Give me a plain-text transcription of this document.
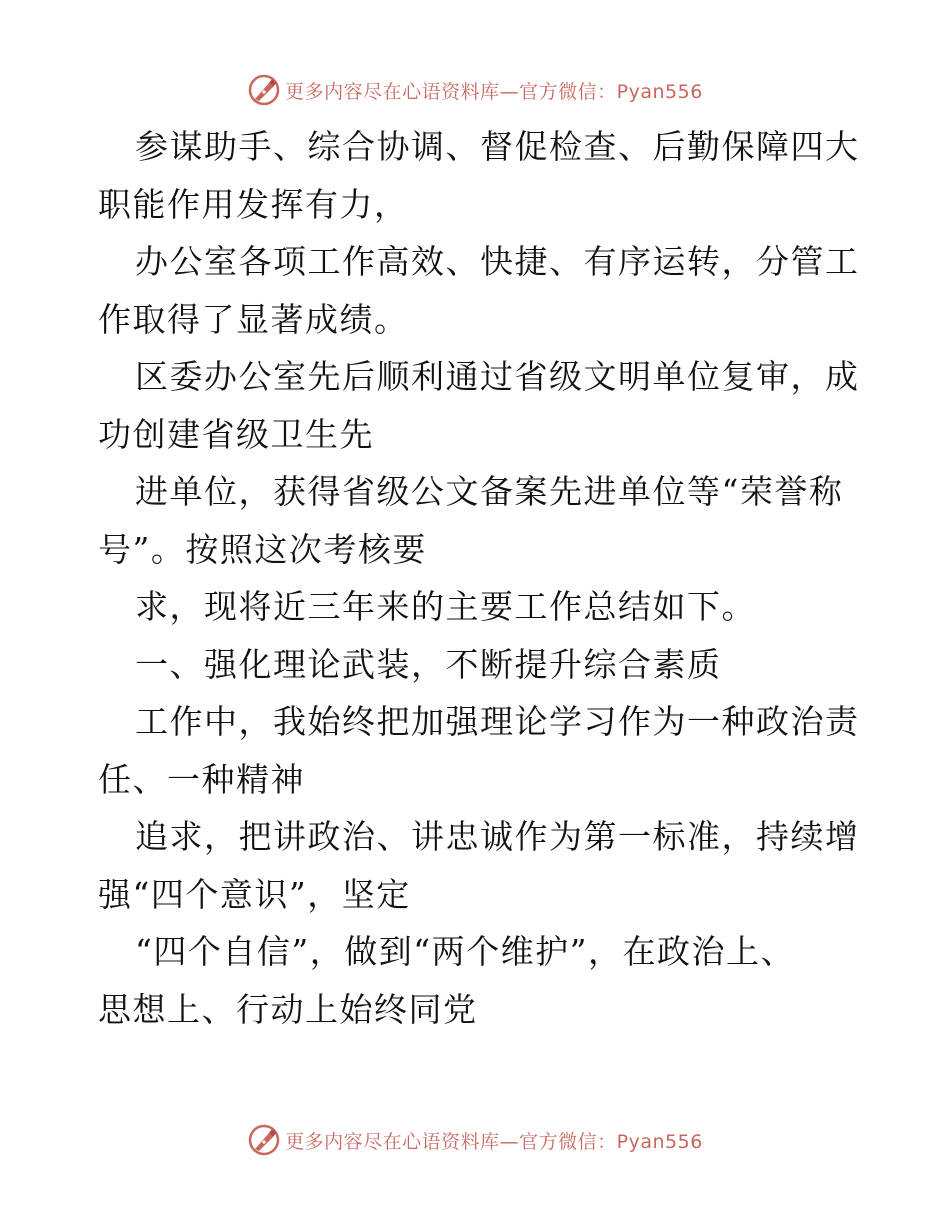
更多内容尽在心语资料库—官方微信：Pyan556
参谋助手、综合协调、督促检查、后勤保障四大
职能作用发挥有力，
办公室各项工作高效、快捷、有序运转，分管工
作取得了显著成绩。
区委办公室先后顺利通过省级文明单位复审，成
功创建省级卫生先
进单位，获得省级公文备案先进单位等“荣誉称
号”。按照这次考核要
求，现将近三年来的主要工作总结如下。
一、强化理论武装，不断提升综合素质
工作中，我始终把加强理论学习作为一种政治责
任、一种精神
追求，把讲政治、讲忠诚作为第一标准，持续增
强“四个意识”，坚定
“四个自信”，做到“两个维护”，在政治上、
思想上、行动上始终同党
更多内容尽在心语资料库—官方微信：Pyan556
